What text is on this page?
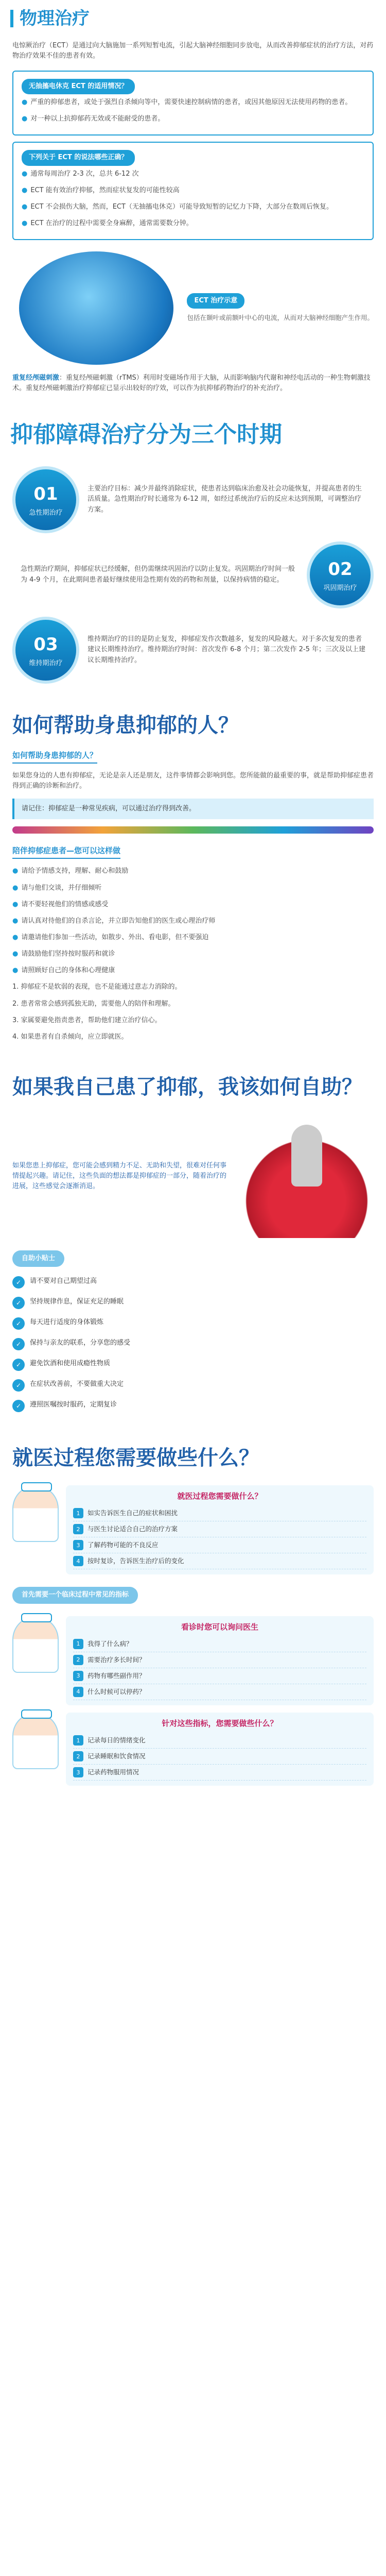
物理治疗

电惊厥治疗（ECT）是通过向大脑施加一系列短暂电流，引起大脑神经细胞同步放电，从而改善抑郁症状的治疗方法，对药物治疗效果不佳的患者有效。

无抽搐电休克 ECT 的适用情况？
● 严重的抑郁患者，或处于强烈自杀倾向等中，需要快速控制病情的患者，或因其他原因无法使用药物的患者。
● 对一种以上抗抑郁药无效或不能耐受的患者。
下列关于 ECT 的说法哪些正确？
● 通常每周治疗 2-3 次，总共 6-12 次
● ECT 能有效治疗抑郁，然而症状复发的可能性较高
● ECT 不会损伤大脑，然而，ECT（无抽搐电休克）可能导致短暂的记忆力下降，大部分在数周后恢复。
● ECT 在治疗的过程中需要全身麻醉，通常需要数分钟。
ECT 治疗示意

包括在颞叶或前额叶中心的电流，从而对大脑神经细胞产生作用。

重复经颅磁刺激：重复经颅磁刺激（rTMS）利用时变磁场作用于大脑，从而影响脑内代谢和神经电活动的一种生物刺激技术。重复经颅磁刺激治疗抑郁症已显示出较好的疗效，可以作为抗抑郁药物治疗的补充治疗。

抑郁障碍治疗分为三个时期
01
急性期治疗

主要治疗目标：减少并最终消除症状，使患者达到临床治愈及社会功能恢复，并提高患者的生活质量。急性期治疗时长通常为 6-12 周，如经过系统治疗后的反应未达到预期，可调整治疗方案。

02
巩固期治疗

急性期治疗期间，抑郁症状已经缓解，但仍需继续巩固治疗以防止复发。巩固期治疗时间一般为 4-9 个月，在此期间患者最好继续使用急性期有效的药物和剂量，以保持病情的稳定。

03
维持期治疗

维持期治疗的目的是防止复发，抑郁症发作次数越多，复发的风险越大。对于多次复发的患者建议长期维持治疗。维持期治疗时间：首次发作 6-8 个月；第二次发作 2-5 年；三次及以上建议长期维持治疗。

如何帮助身患抑郁的人？
如何帮助身患抑郁的人？

如果您身边的人患有抑郁症，无论是亲人还是朋友，这件事情都会影响到您。您所能做的最重要的事，就是帮助抑郁症患者得到正确的诊断和治疗。

请记住：抑郁症是一种常见疾病，可以通过治疗得到改善。
陪伴抑郁症患者—您可以这样做
● 请给予情感支持，理解、耐心和鼓励
● 请与他们交谈，并仔细倾听
● 请不要轻视他们的情感或感受
● 请认真对待他们的自杀言论，并立即告知他们的医生或心理治疗师
● 请邀请他们参加一些活动，如散步、外出、看电影，但不要强迫
● 请鼓励他们坚持按时服药和就诊
● 请照顾好自己的身体和心理健康
1. 抑郁症不是软弱的表现，也不是能通过意志力消除的。
2. 患者常常会感到孤独无助，需要他人的陪伴和理解。
3. 家属要避免指责患者，帮助他们建立治疗信心。
4. 如果患者有自杀倾向，应立即就医。
如果我自己患了抑郁，我该如何自助？

如果您患上抑郁症，您可能会感到精力不足、无助和失望，很难对任何事情提起兴趣。请记住，这些负面的想法都是抑郁症的一部分，随着治疗的进展，这些感觉会逐渐消退。

自助小贴士
✓	请不要对自己期望过高
✓	坚持规律作息，保证充足的睡眠
✓	每天进行适度的身体锻炼
✓	保持与亲友的联系，分享您的感受
✓	避免饮酒和使用成瘾性物质
✓	在症状改善前，不要做重大决定
✓	遵照医嘱按时服药，定期复诊
就医过程您需要做些什么？
就医过程您需要做什么？
1	如实告诉医生自己的症状和困扰
2	与医生讨论适合自己的治疗方案
3	了解药物可能的不良反应
4	按时复诊，告诉医生治疗后的变化
首先需要一个临床过程中常见的指标
看诊时您可以询问医生
1	我得了什么病？
2	需要治疗多长时间？
3	药物有哪些副作用？
4	什么时候可以停药？
针对这些指标，您需要做些什么？
1	记录每日的情绪变化
2	记录睡眠和饮食情况
3	记录药物服用情况
